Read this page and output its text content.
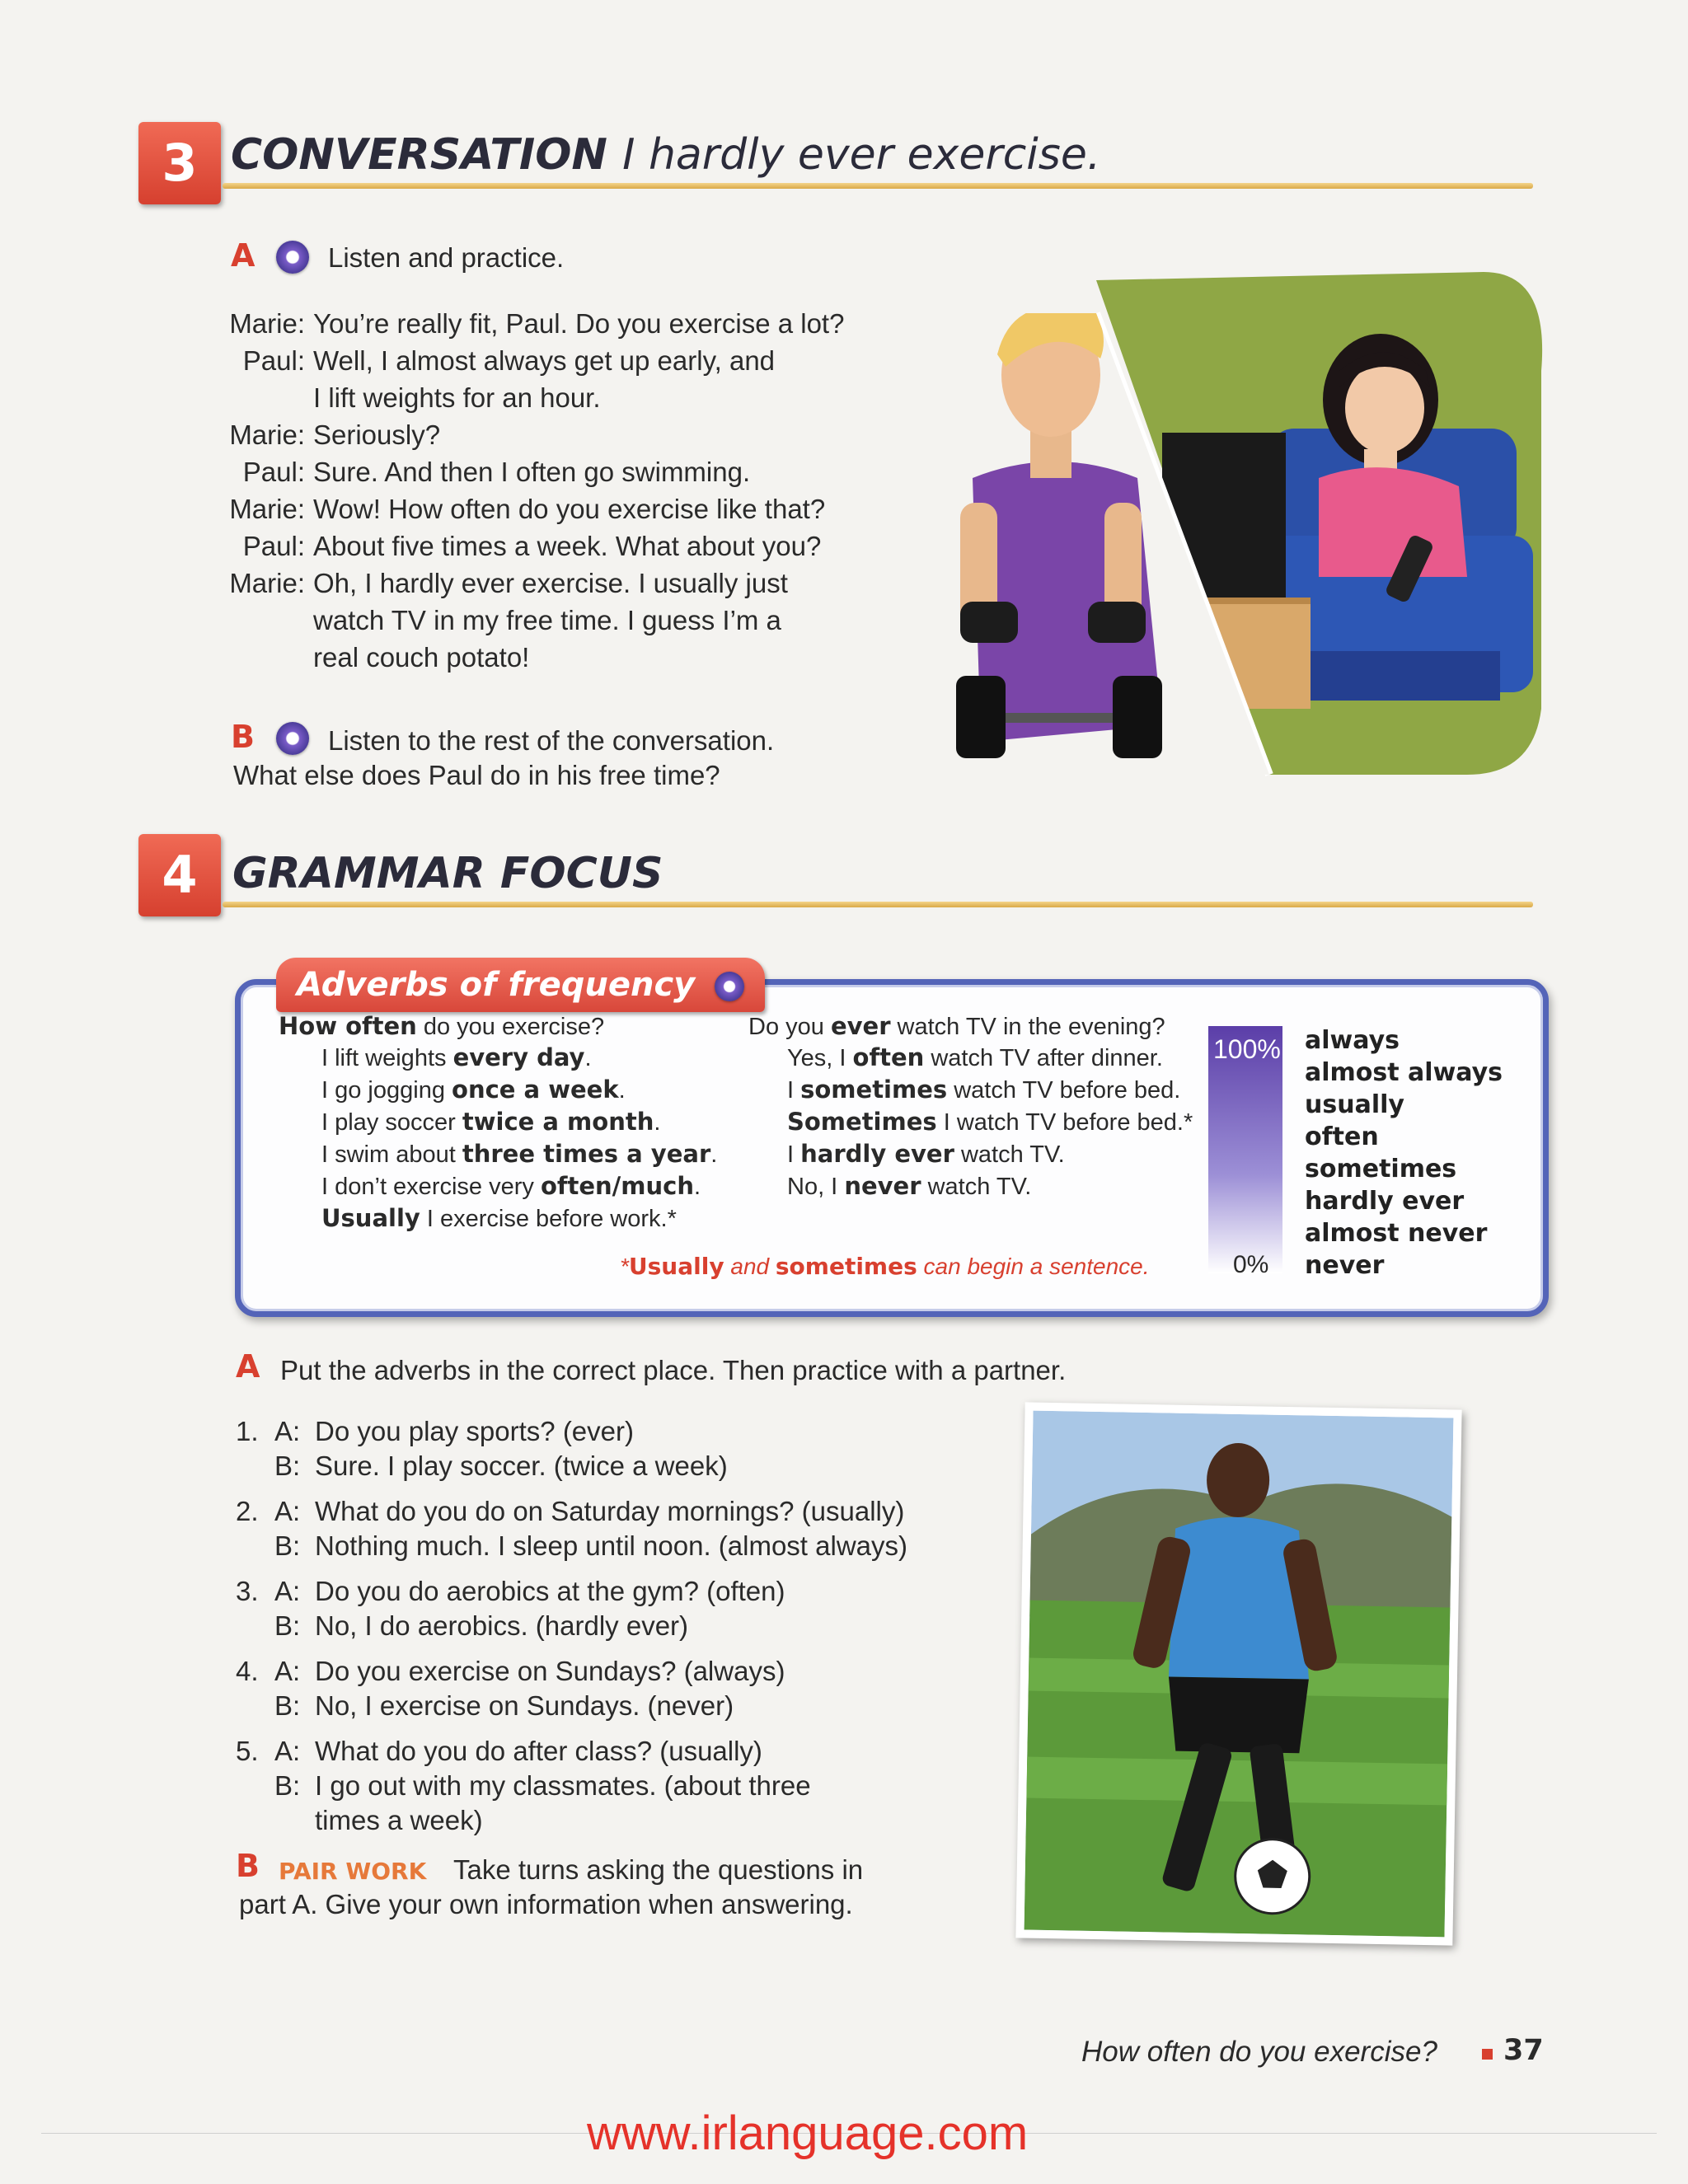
3 CONVERSATION I hardly ever exercise.
A	Listen and practice.
Marie: You’re really fit, Paul. Do you exercise a lot?
Paul: Well, I almost always get up early, and
I lift weights for an hour.
Marie: Seriously?
Paul: Sure. And then I often go swimming.
Marie: Wow! How often do you exercise like that?
Paul: About five times a week. What about you?
Marie: Oh, I hardly ever exercise. I usually just
watch TV in my free time. I guess I’m a
real couch potato!
B	Listen to the rest of the conversation.
What else does Paul do in his free time?
4 GRAMMAR FOCUS
Adverbs of frequency
*Usually and sometimes can begin a sentence.
100%
0%
A Put the adverbs in the correct place. Then practice with a partner.
B PAIR WORK Take turns asking the questions in
part A. Give your own information when answering.
How often do you exercise? 37
www.irlanguage.com
How often do you exercise?
I lift weights every day.
I go jogging once a week.
I play soccer twice a month.
I swim about three times a year.
I don’t exercise very often/much.
Usually I exercise before work.*
Do you ever watch TV in the evening?
Yes, I often watch TV after dinner.
I sometimes watch TV before bed.
Sometimes I watch TV before bed.*
I hardly ever watch TV.
No, I never watch TV.
always
almost always
usually
often
sometimes
hardly ever
almost never
never
1. A: Do you play sports? (ever)
B: Sure. I play soccer. (twice a week)
2. A: What do you do on Saturday mornings? (usually)
B: Nothing much. I sleep until noon. (almost always)
3. A: Do you do aerobics at the gym? (often)
B: No, I do aerobics. (hardly ever)
4. A: Do you exercise on Sundays? (always)
B: No, I exercise on Sundays. (never)
5. A: What do you do after class? (usually)
B: I go out with my classmates. (about three
times a week)
